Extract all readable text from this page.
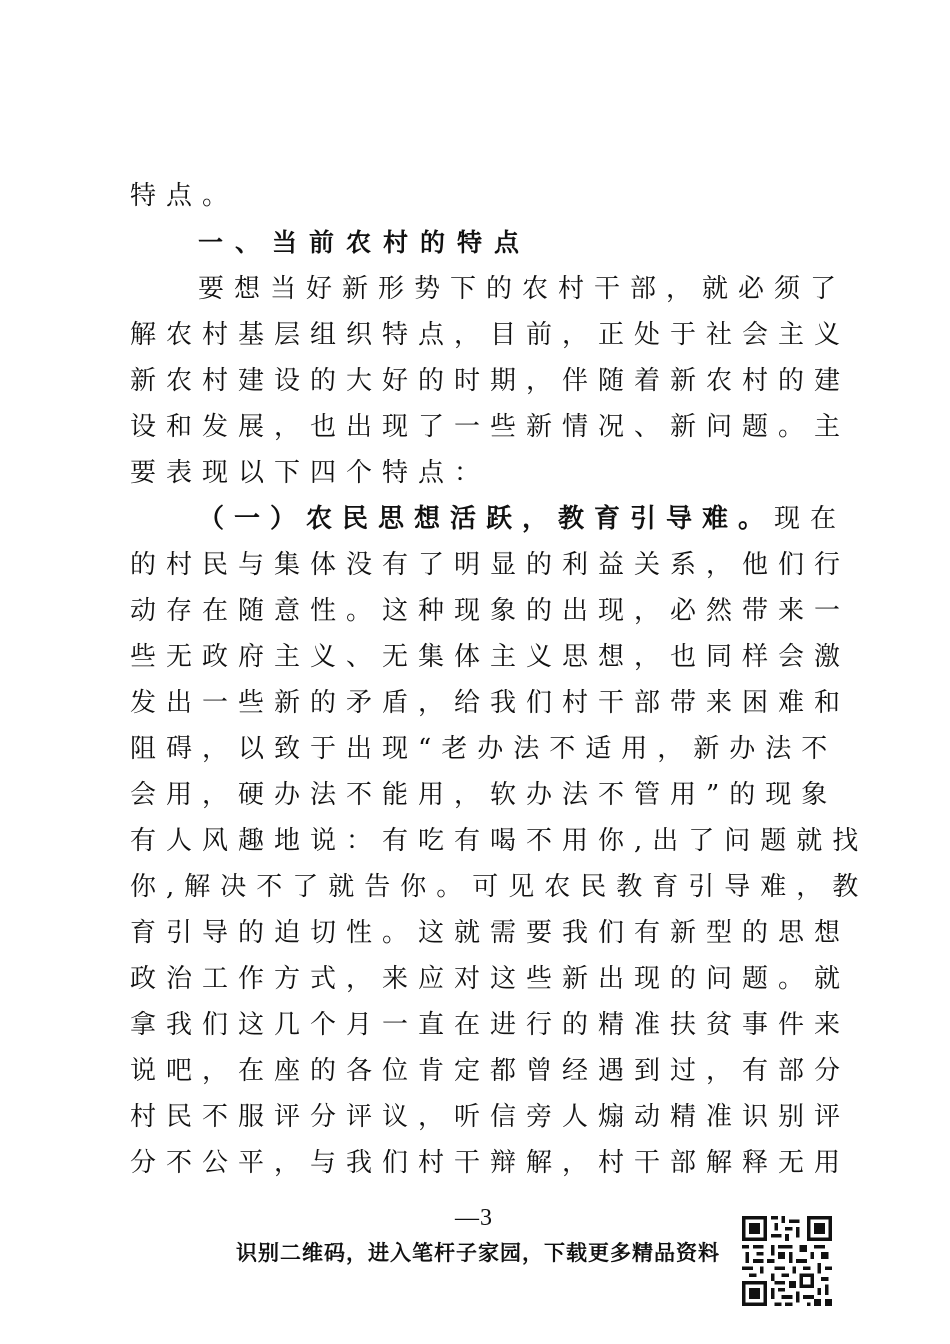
特点。
一、当前农村的特点
要想当好新形势下的农村干部，就必须了
解农村基层组织特点，目前，正处于社会主义
新农村建设的大好的时期，伴随着新农村的建
设和发展，也出现了一些新情况、新问题。主
要表现以下四个特点：
（一）农民思想活跃，教育引导难。现在
的村民与集体没有了明显的利益关系，他们行
动存在随意性。这种现象的出现，必然带来一
些无政府主义、无集体主义思想，也同样会激
发出一些新的矛盾，给我们村干部带来困难和
阻碍，以致于出现“老办法不适用，新办法不
会用，硬办法不能用，软办法不管用”的现象
有人风趣地说：有吃有喝不用你,出了问题就找
你,解决不了就告你。可见农民教育引导难，教
育引导的迫切性。这就需要我们有新型的思想
政治工作方式，来应对这些新出现的问题。就
拿我们这几个月一直在进行的精准扶贫事件来
说吧，在座的各位肯定都曾经遇到过，有部分
村民不服评分评议，听信旁人煽动精准识别评
分不公平，与我们村干辩解，村干部解释无用
—3
识别二维码，进入笔杆子家园，下载更多精品资料
